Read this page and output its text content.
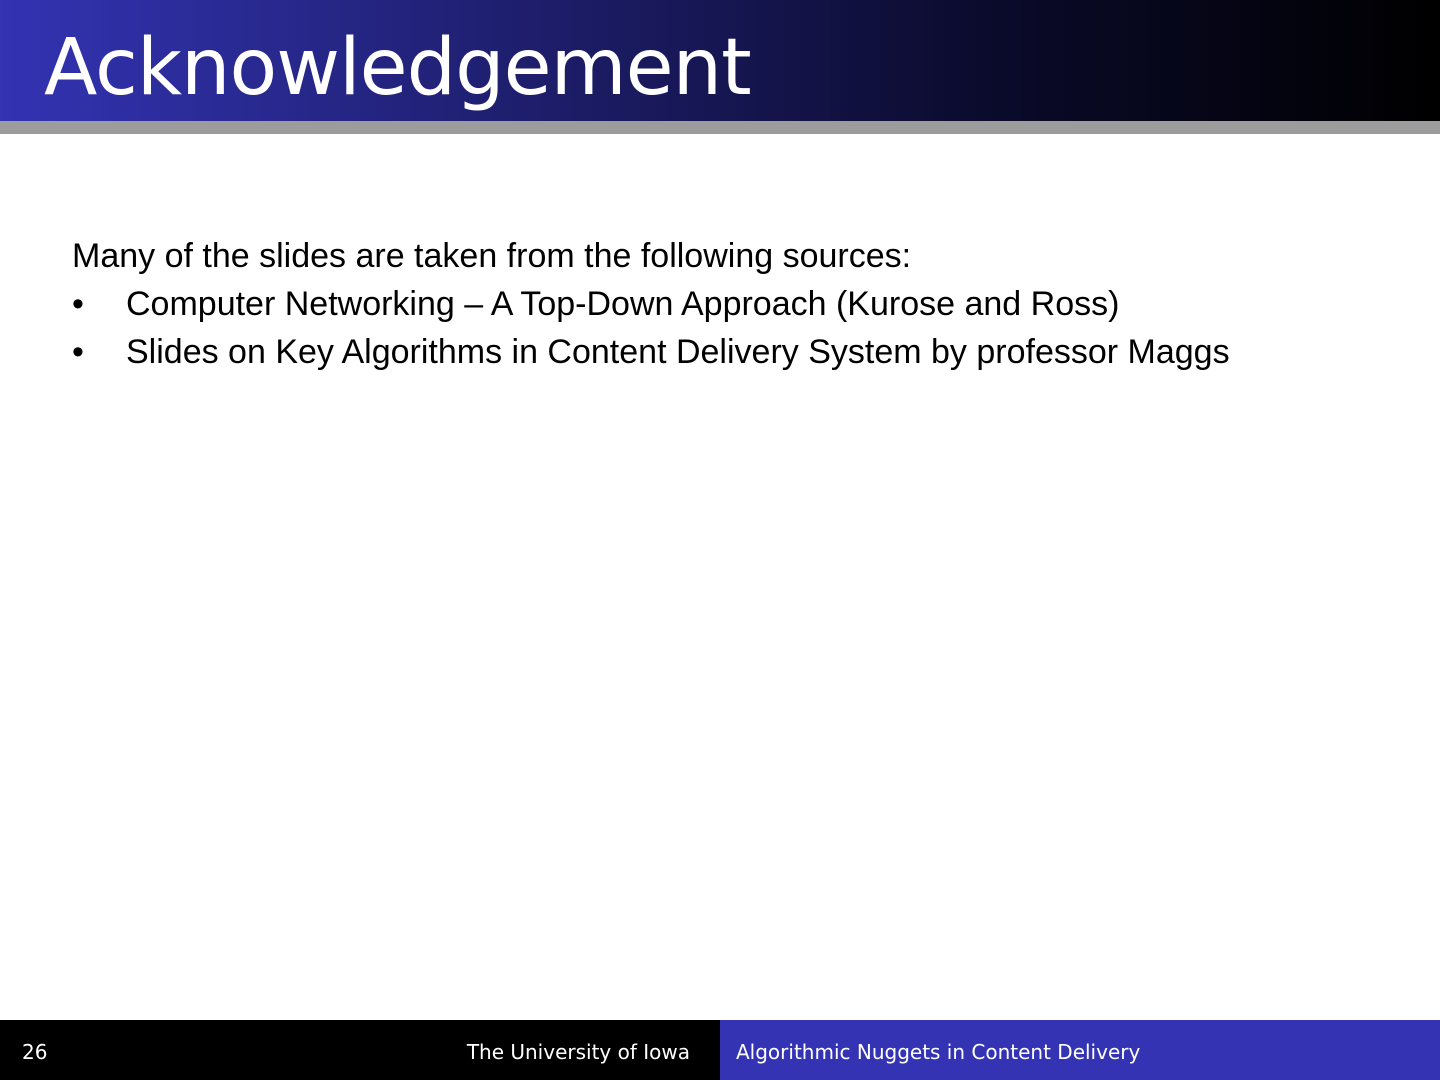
Acknowledgement

Many of the slides are taken from the following sources:

• Computer Networking – A Top-Down Approach (Kurose and Ross)
• Slides on Key Algorithms in Content Delivery System by professor Maggs
26	The University of Iowa Algorithmic Nuggets in Content Delivery
